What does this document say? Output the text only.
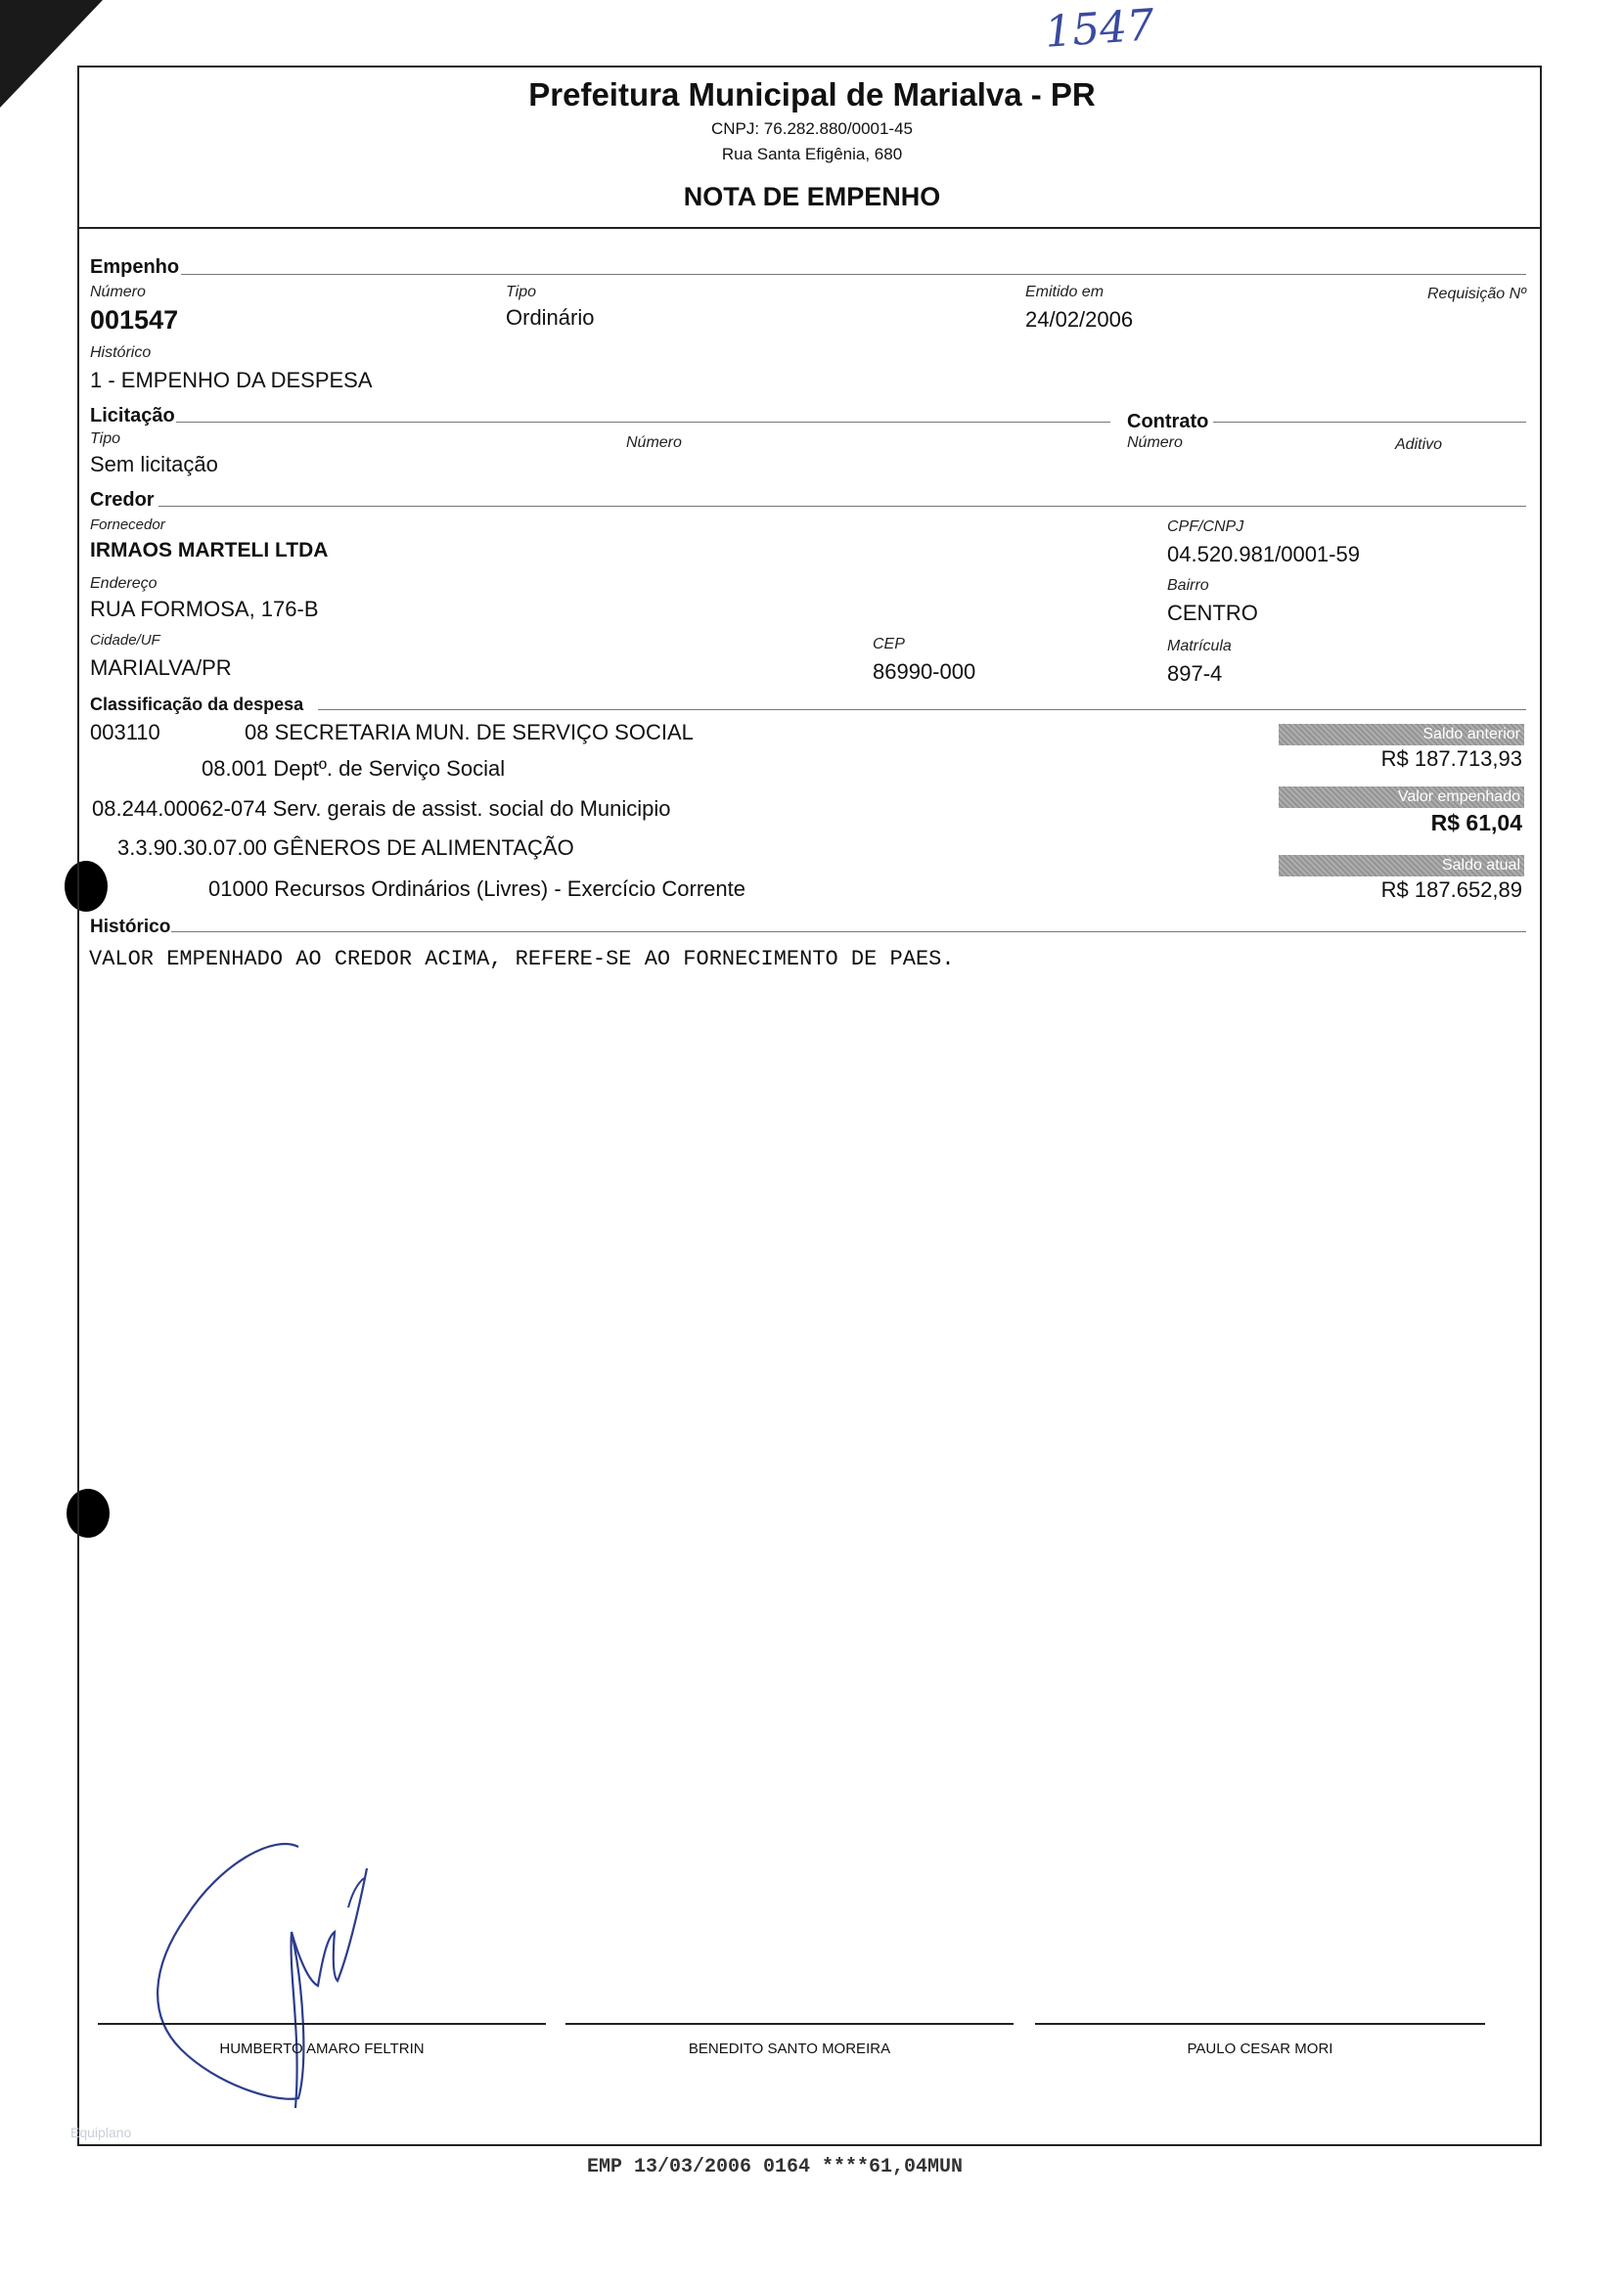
1547
Prefeitura Municipal de Marialva - PR
CNPJ: 76.282.880/0001-45
Rua Santa Efigênia, 680
NOTA DE EMPENHO
Empenho
Número
001547
Tipo
Ordinário
Emitido em
24/02/2006
Requisição Nº
Histórico
1 - EMPENHO DA DESPESA
Licitação
Tipo
Sem licitação
Número
Contrato
Número	Aditivo
Credor
Fornecedor
IRMAOS MARTELI LTDA
CPF/CNPJ
04.520.981/0001-59
Endereço
RUA FORMOSA, 176-B
Bairro
CENTRO
Cidade/UF
MARIALVA/PR
CEP
86990-000
Matrícula
897-4
Classificação da despesa
003110	08 SECRETARIA MUN. DE SERVIÇO SOCIAL
08.001 Deptº. de Serviço Social
08.244.00062-074 Serv. gerais de assist. social do Municipio
3.3.90.30.07.00 GÊNEROS DE ALIMENTAÇÃO
01000 Recursos Ordinários (Livres) - Exercício Corrente
Saldo anterior
R$ 187.713,93
Valor empenhado
R$ 61,04
Saldo atual
R$ 187.652,89
Histórico
VALOR EMPENHADO AO CREDOR ACIMA, REFERE-SE AO FORNECIMENTO DE PAES.
HUMBERTO AMARO FELTRIN	BENEDITO SANTO MOREIRA	PAULO CESAR MORI
Equiplano
EMP 13/03/2006 0164 ****61,04MUN
